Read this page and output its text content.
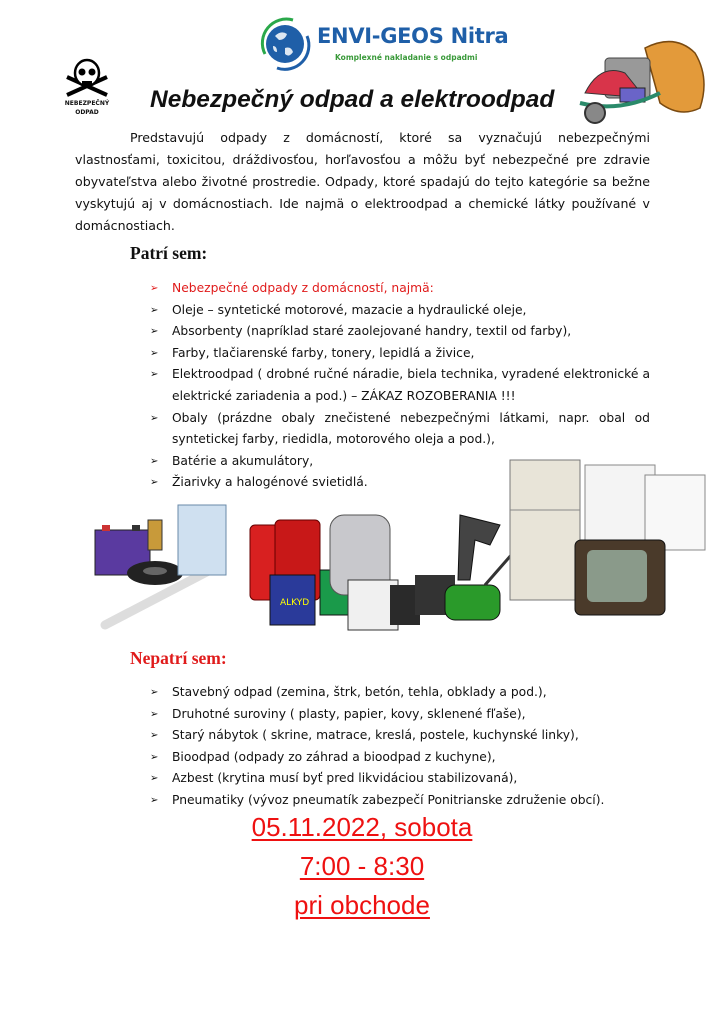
ENVI-GEOS Nitra
Komplexné nakladanie s odpadmi
NEBEZPEČNÝ ODPAD	Nebezpečný odpad a elektroodpad

Predstavujú odpady z domácností, ktoré sa vyznačujú nebezpečnými vlastnosťami, toxicitou, dráždivosťou, horľavosťou a môžu byť nebezpečné pre zdravie obyvateľstva alebo životné prostredie. Odpady, ktoré spadajú do tejto kategórie sa bežne vyskytujú aj v domácnostiach. Ide najmä o elektroodpad a chemické látky používané v domácnostiach.

Patrí sem:
➢ Nebezpečné odpady z domácností, najmä:
➢ Oleje – syntetické motorové, mazacie a hydraulické oleje,
➢ Absorbenty (napríklad staré zaolejované handry, textil od farby),
➢ Farby, tlačiarenské farby, tonery, lepidlá a živice,
➢ Elektroodpad ( drobné ručné náradie, biela technika, vyradené elektronické a elektrické zariadenia a pod.) – ZÁKAZ ROZOBERANIA !!!
➢ Obaly (prázdne obaly znečistené nebezpečnými látkami, napr. obal od syntetickej farby, riedidla, motorového oleja a pod.),
➢ Batérie a akumulátory,
➢ Žiarivky a halogénové svietidlá.
ALKYD
Nepatrí sem:
➢ Stavebný odpad (zemina, štrk, betón, tehla, obklady a pod.),
➢ Druhotné suroviny ( plasty, papier, kovy, sklenené fľaše),
➢ Starý nábytok ( skrine, matrace, kreslá, postele, kuchynské linky),
➢ Bioodpad (odpady zo záhrad a bioodpad z kuchyne),
➢ Azbest (krytina musí byť pred likvidáciou stabilizovaná),
➢ Pneumatiky (vývoz pneumatík zabezpečí Ponitrianske združenie obcí).
05.11.2022, sobota
7:00 - 8:30
pri obchode
